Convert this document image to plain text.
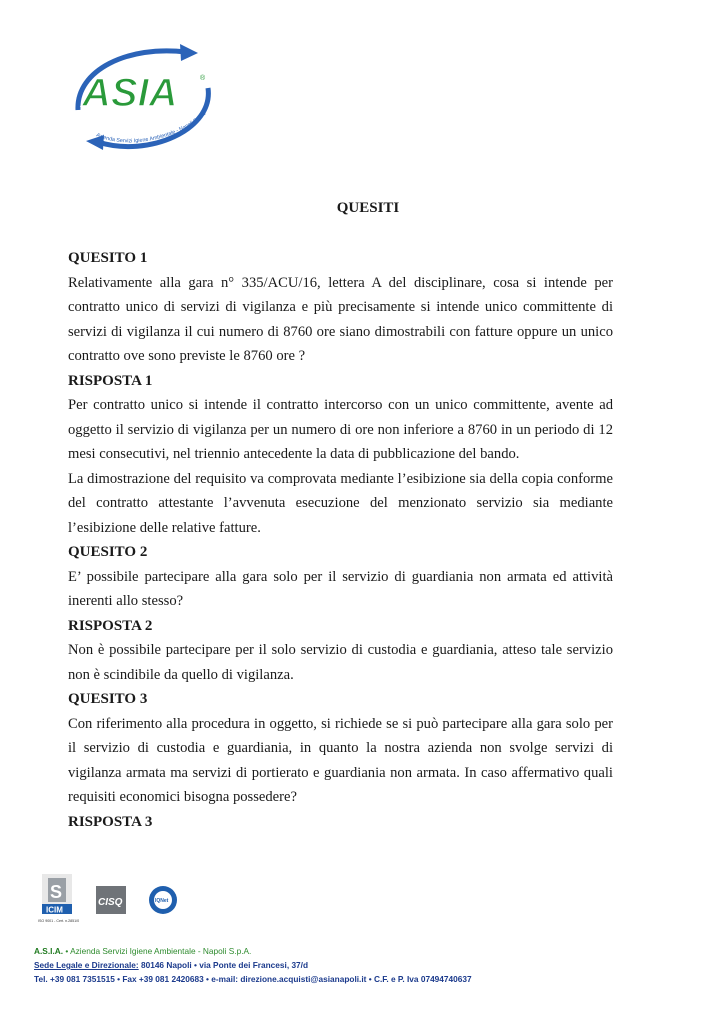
ASIA	®
Azienda Servizi Igiene Ambientale - Napoli S.p.A.
QUESITI
QUESITO 1
Relativamente alla gara n° 335/ACU/16, lettera A del disciplinare, cosa si intende per contratto unico di servizi di vigilanza e più precisamente si intende unico committente di servizi di vigilanza il cui numero di 8760 ore siano dimostrabili con fatture oppure un unico contratto ove sono previste le 8760 ore ?
RISPOSTA 1
Per contratto unico si intende il contratto intercorso con un unico committente, avente ad oggetto il servizio di vigilanza per un numero di ore non inferiore a 8760 in un periodo di 12 mesi consecutivi, nel triennio antecedente la data di pubblicazione del bando.
La dimostrazione del requisito va comprovata mediante l’esibizione sia della copia conforme del contratto attestante l’avvenuta esecuzione del menzionato servizio sia mediante l’esibizione delle relative fatture.
QUESITO 2
E’ possibile partecipare alla gara solo per il servizio di guardiania non armata ed attività inerenti allo stesso?
RISPOSTA 2
Non è possibile partecipare per il solo servizio di custodia e guardiania, atteso tale servizio non è scindibile da quello di vigilanza.
QUESITO 3
Con riferimento alla procedura in oggetto, si richiede se si può partecipare alla gara solo per il servizio di custodia e guardiania, in quanto la nostra azienda non svolge servizi di vigilanza armata ma servizi di portierato e guardiania non armata. In caso affermativo quali requisiti economici bisogna possedere?
RISPOSTA 3
S
ICIM
ISO 9001 - Cert. n.2851/0
CISQ	IQNet
A.S.I.A. • Azienda Servizi Igiene Ambientale - Napoli S.p.A.
Sede Legale e Direzionale: 80146 Napoli • via Ponte dei Francesi, 37/d
Tel. +39 081 7351515 • Fax +39 081 2420683 • e-mail: direzione.acquisti@asianapoli.it • C.F. e P. Iva 07494740637
